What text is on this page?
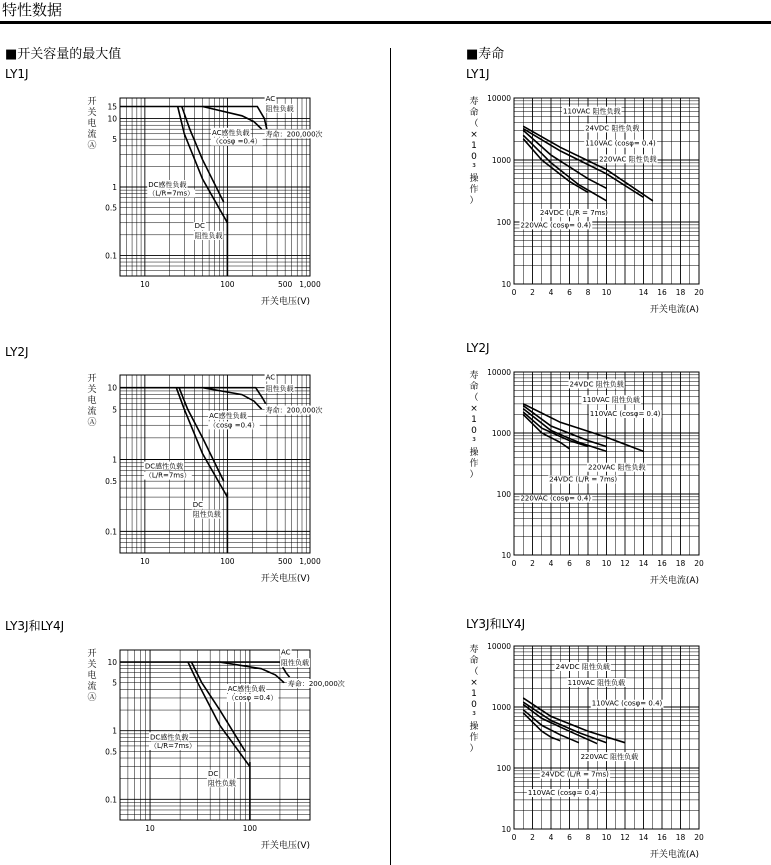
特性数据
■开关容量的最大值	■寿命
LY1J
LY2J
LY3J和LY4J
LY1J
LY2J
LY3J和LY4J
10	100	500 1,000
0.1
0.5
1
5
10
15
开关电压(V)
开
关
电
流
Ⓐ
AC
阻性负载
寿命：200,000次
AC感性负载
（cosφ =0.4）
DC感性负载
（L/R=7ms）
DC
阻性负载
10	100	500 1,000
0.1
0.5
1
5
10
开关电压(V)
开
关
电
流
Ⓐ
AC
阻性负载
寿命：200,000次
AC感性负载
（cosφ =0.4）
DC感性负载
（L/R=7ms）
DC
阻性负载
10	100
0.1
0.5
1
5
10
开关电压(V)
开
关
电
流
Ⓐ
AC
阻性负载
寿命：200,000次
AC感性负载
（cosφ =0.4）
DC感性负载
（L/R=7ms）
DC
阻性负载
0 2 4 6 8 10	14 16 18 20
10
100
1000
10000
开关电流(A)
寿
命
（
×
1
0
³
操
作
）
110VAC 阻性负载
24VDC 阻性负载
110VAC (cosφ= 0.4)
220VAC 阻性负载
24VDC (L/R = 7ms)
220VAC (cosφ= 0.4)
0 2 4 6 8 10 12 14 16 18 20
10
100
1000
10000
开关电流(A)
寿
命
（
×
1
0
³
操
作
）
24VDC 阻性负载
110VAC 阻性负载
110VAC (cosφ= 0.4)
220VAC 阻性负载
24VDC (L/R = 7ms)
220VAC (cosφ= 0.4)
0 2 4 6 8 10 12 14 16 18 20
10
100
1000
10000
开关电流(A)
寿
命
（
×
1
0
³
操
作
）
24VDC 阻性负载
110VAC 阻性负载
110VAC (cosφ= 0.4)
220VAC 阻性负载
24VDC (L/R = 7ms)
110VAC (cosφ= 0.4)
